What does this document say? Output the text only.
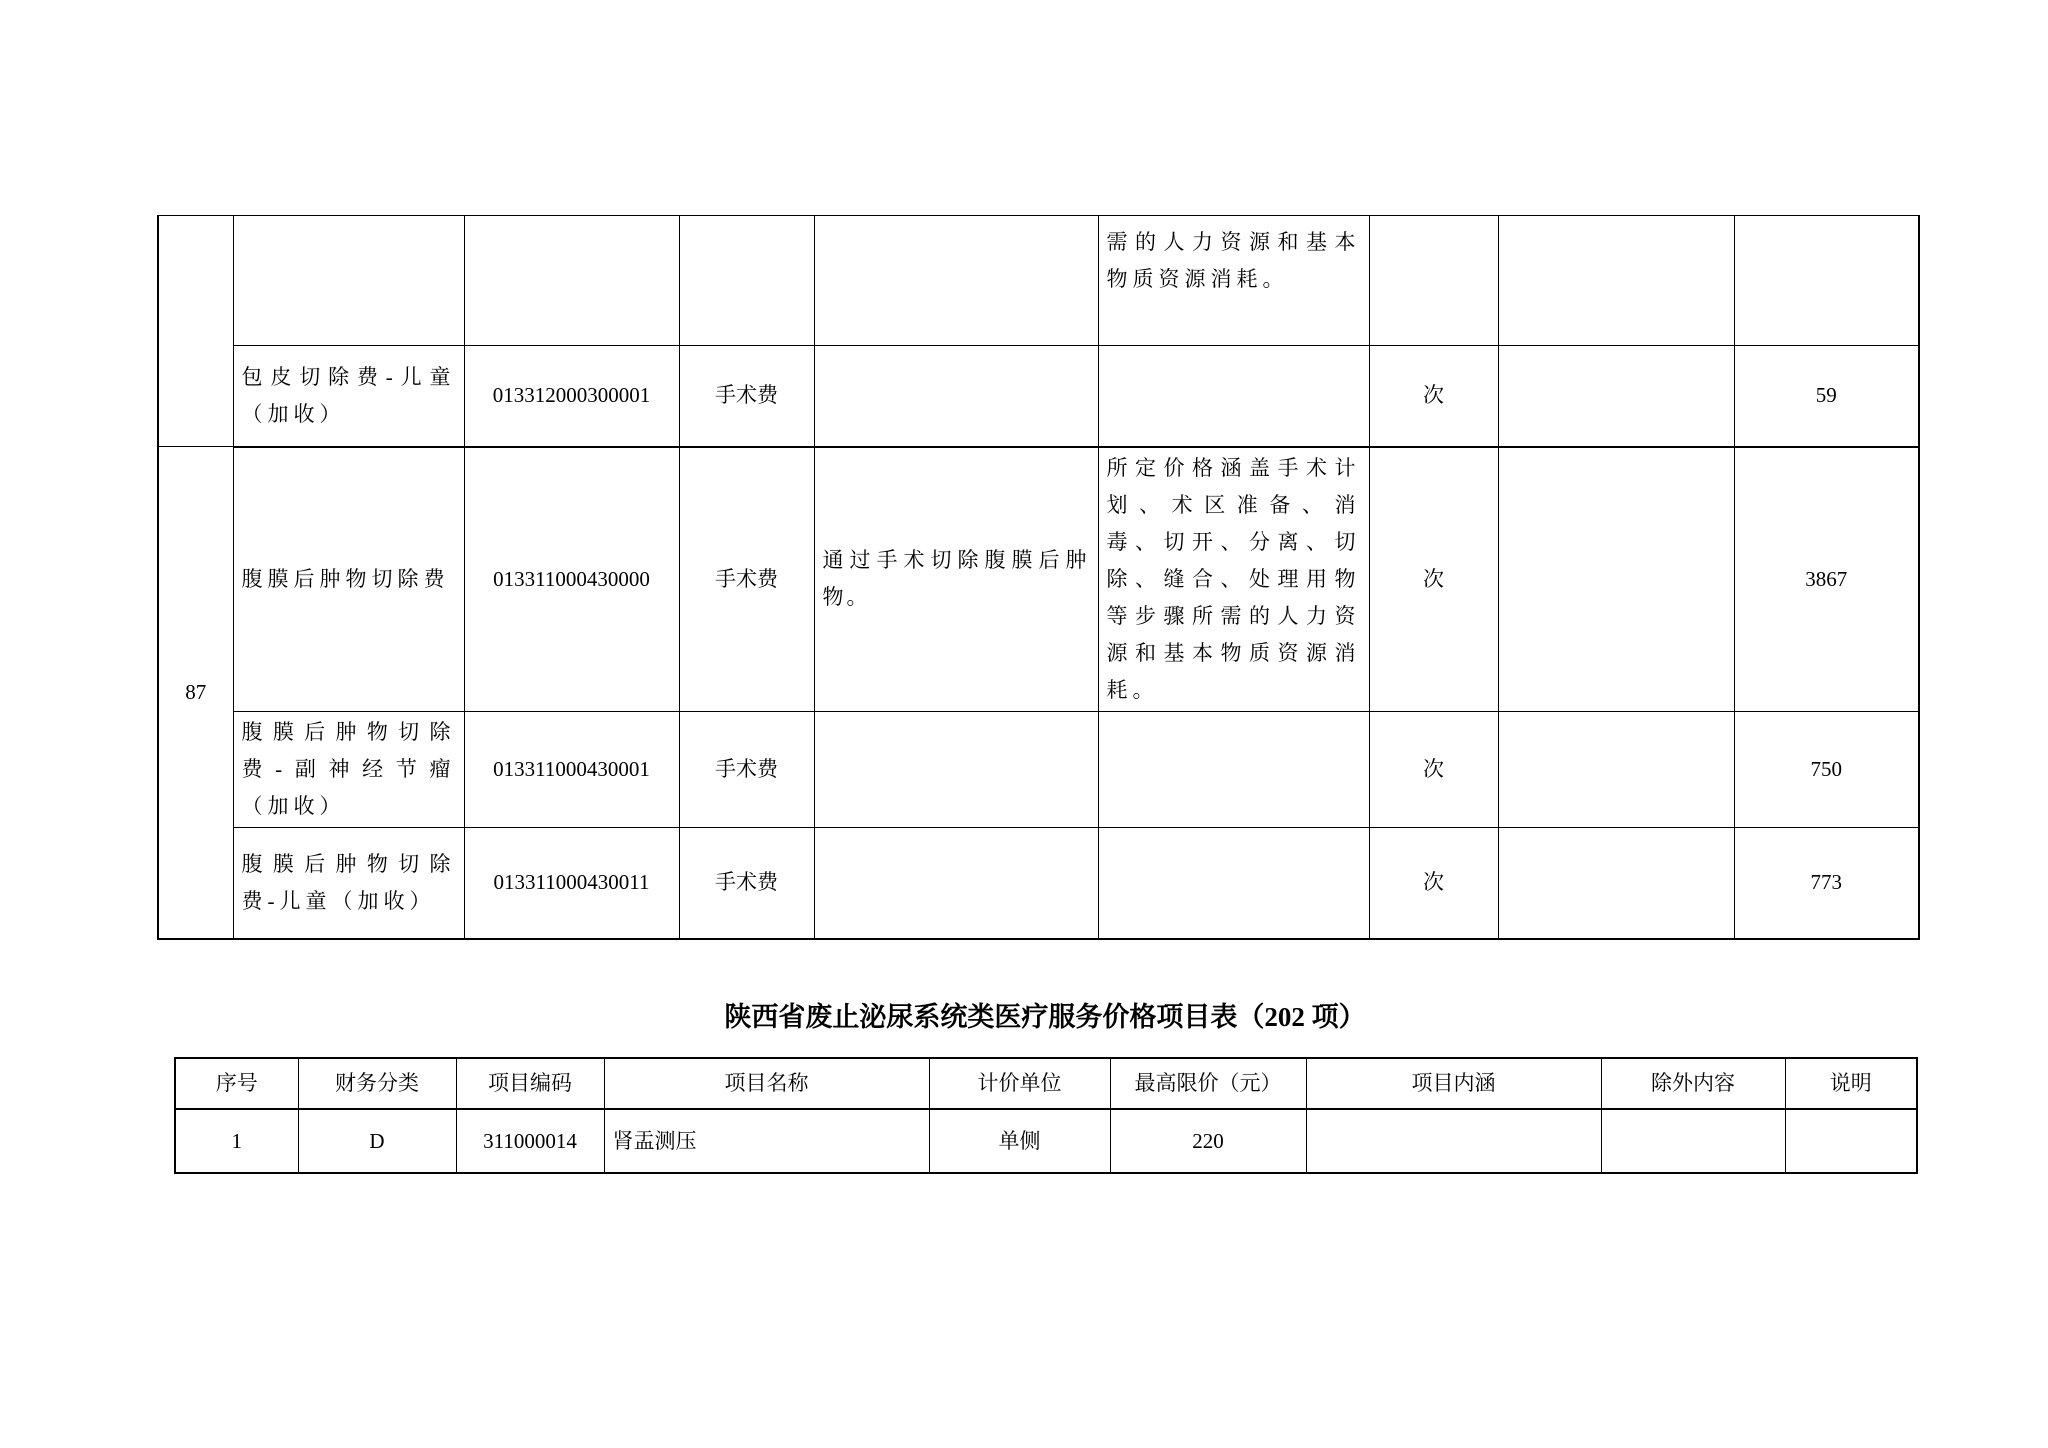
					需的人力资源和基本物质资源消耗。			
	包皮切除费-儿童（加收）	013312000300001	手术费			次		59
87	腹膜后肿物切除费	013311000430000	手术费	通过手术切除腹膜后肿物。	所定价格涵盖手术计划、术区准备、消毒、切开、分离、切除、缝合、处理用物等步骤所需的人力资源和基本物质资源消耗。	次		3867
	腹膜后肿物切除费-副神经节瘤（加收）	013311000430001	手术费			次		750
	腹膜后肿物切除费-儿童（加收）	013311000430011	手术费			次		773
陕西省废止泌尿系统类医疗服务价格项目表（202 项）
序号	财务分类	项目编码	项目名称	计价单位	最高限价（元）	项目内涵	除外内容	说明
1	D	311000014	肾盂测压	单侧	220			
